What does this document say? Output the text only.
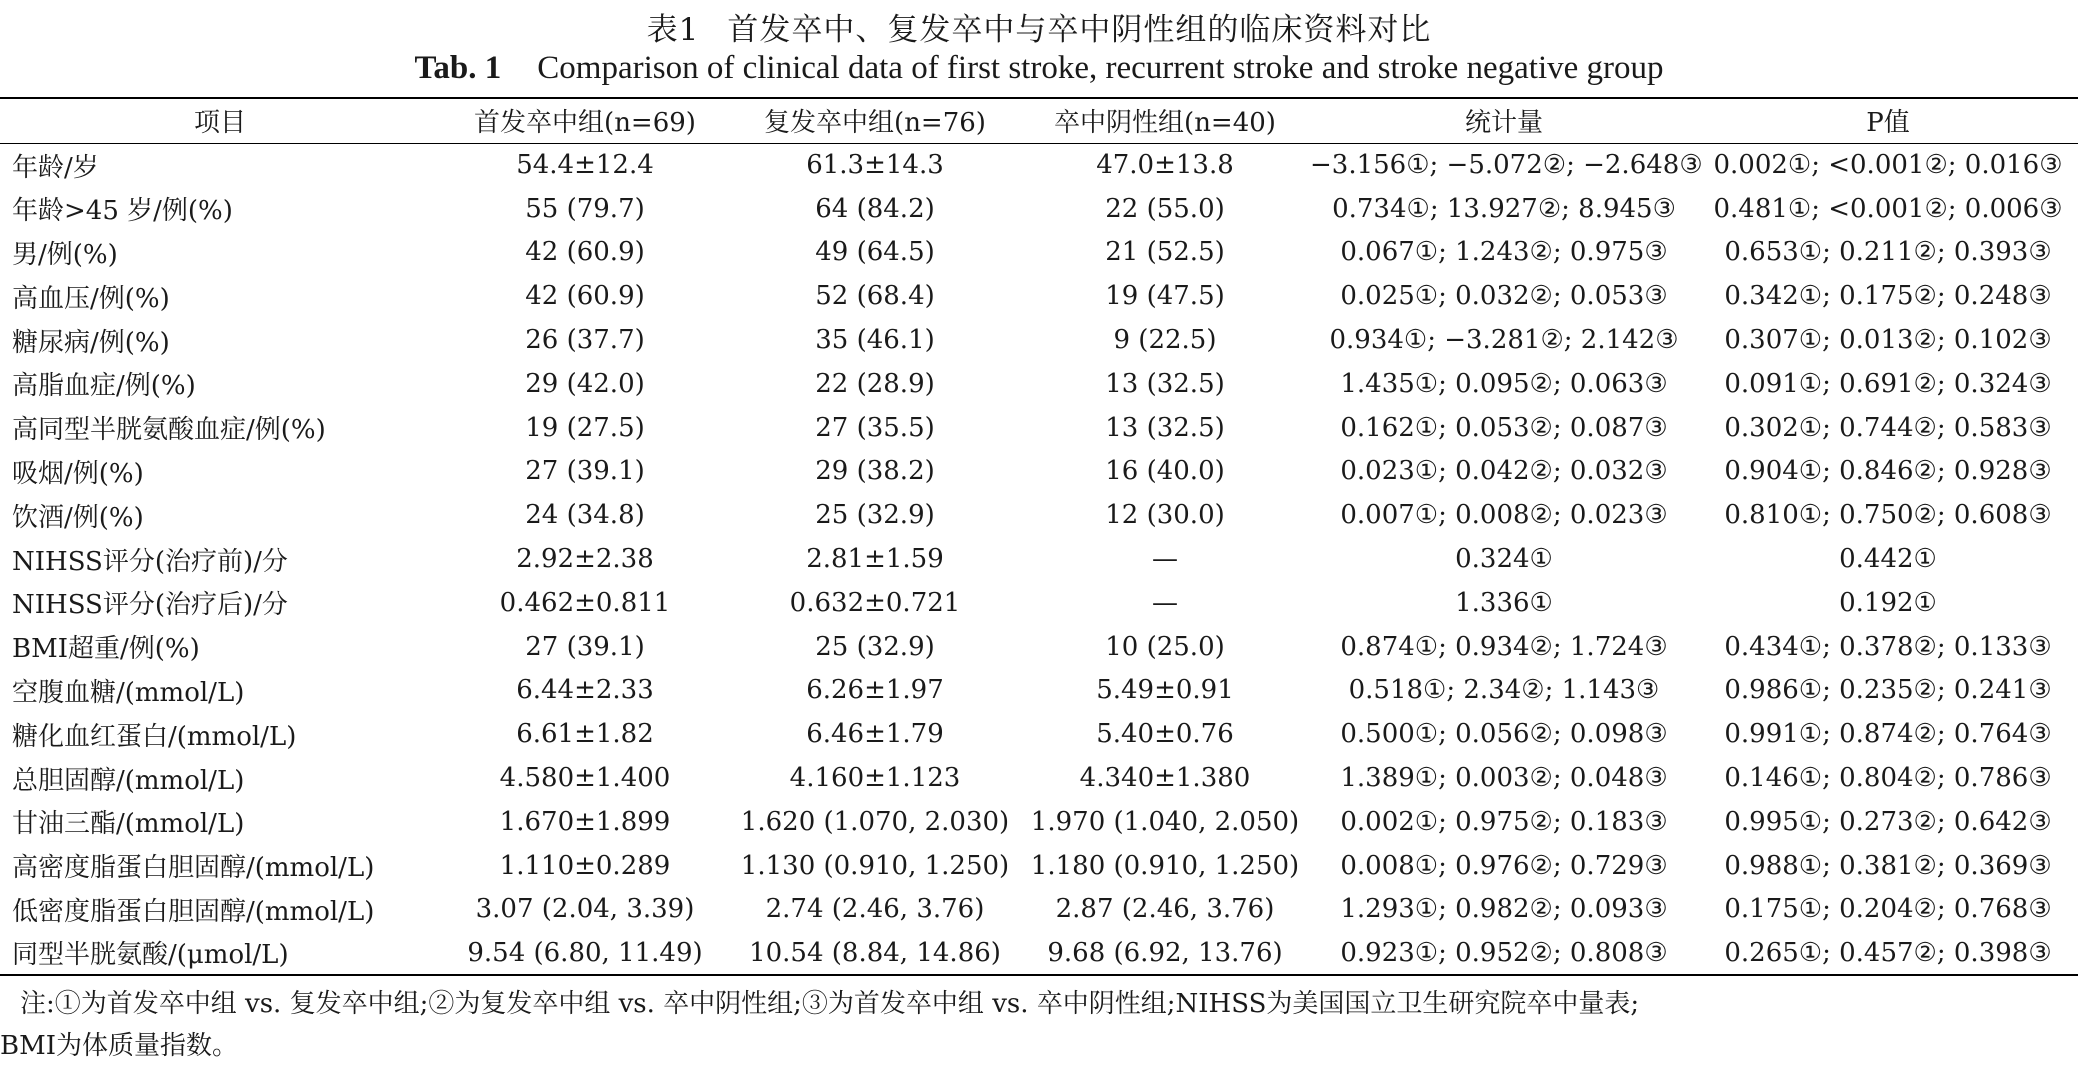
表1 首发卒中、复发卒中与卒中阴性组的临床资料对比
Tab. 1 Comparison of clinical data of first stroke, recurrent stroke and stroke negative group
项目	首发卒中组(n=69)	复发卒中组(n=76)	卒中阴性组(n=40)	统计量	P值
年龄/岁	54.4±12.4	61.3±14.3	47.0±13.8	−3.156①; −5.072②; −2.648③	0.002①; <0.001②; 0.016③
年龄>45 岁/例(%)	55 (79.7)	64 (84.2)	22 (55.0)	0.734①; 13.927②; 8.945③	0.481①; <0.001②; 0.006③
男/例(%)	42 (60.9)	49 (64.5)	21 (52.5)	0.067①; 1.243②; 0.975③	0.653①; 0.211②; 0.393③
高血压/例(%)	42 (60.9)	52 (68.4)	19 (47.5)	0.025①; 0.032②; 0.053③	0.342①; 0.175②; 0.248③
糖尿病/例(%)	26 (37.7)	35 (46.1)	9 (22.5)	0.934①; −3.281②; 2.142③	0.307①; 0.013②; 0.102③
高脂血症/例(%)	29 (42.0)	22 (28.9)	13 (32.5)	1.435①; 0.095②; 0.063③	0.091①; 0.691②; 0.324③
高同型半胱氨酸血症/例(%)	19 (27.5)	27 (35.5)	13 (32.5)	0.162①; 0.053②; 0.087③	0.302①; 0.744②; 0.583③
吸烟/例(%)	27 (39.1)	29 (38.2)	16 (40.0)	0.023①; 0.042②; 0.032③	0.904①; 0.846②; 0.928③
饮酒/例(%)	24 (34.8)	25 (32.9)	12 (30.0)	0.007①; 0.008②; 0.023③	0.810①; 0.750②; 0.608③
NIHSS评分(治疗前)/分	2.92±2.38	2.81±1.59	—	0.324①	0.442①
NIHSS评分(治疗后)/分	0.462±0.811	0.632±0.721	—	1.336①	0.192①
BMI超重/例(%)	27 (39.1)	25 (32.9)	10 (25.0)	0.874①; 0.934②; 1.724③	0.434①; 0.378②; 0.133③
空腹血糖/(mmol/L)	6.44±2.33	6.26±1.97	5.49±0.91	0.518①; 2.34②; 1.143③	0.986①; 0.235②; 0.241③
糖化血红蛋白/(mmol/L)	6.61±1.82	6.46±1.79	5.40±0.76	0.500①; 0.056②; 0.098③	0.991①; 0.874②; 0.764③
总胆固醇/(mmol/L)	4.580±1.400	4.160±1.123	4.340±1.380	1.389①; 0.003②; 0.048③	0.146①; 0.804②; 0.786③
甘油三酯/(mmol/L)	1.670±1.899	1.620 (1.070, 2.030)	1.970 (1.040, 2.050)	0.002①; 0.975②; 0.183③	0.995①; 0.273②; 0.642③
高密度脂蛋白胆固醇/(mmol/L)	1.110±0.289	1.130 (0.910, 1.250)	1.180 (0.910, 1.250)	0.008①; 0.976②; 0.729③	0.988①; 0.381②; 0.369③
低密度脂蛋白胆固醇/(mmol/L)	3.07 (2.04, 3.39)	2.74 (2.46, 3.76)	2.87 (2.46, 3.76)	1.293①; 0.982②; 0.093③	0.175①; 0.204②; 0.768③
同型半胱氨酸/(μmol/L)	9.54 (6.80, 11.49)	10.54 (8.84, 14.86)	9.68 (6.92, 13.76)	0.923①; 0.952②; 0.808③	0.265①; 0.457②; 0.398③
注:①为首发卒中组 vs. 复发卒中组;②为复发卒中组 vs. 卒中阴性组;③为首发卒中组 vs. 卒中阴性组;NIHSS为美国国立卫生研究院卒中量表;
BMI为体质量指数。
